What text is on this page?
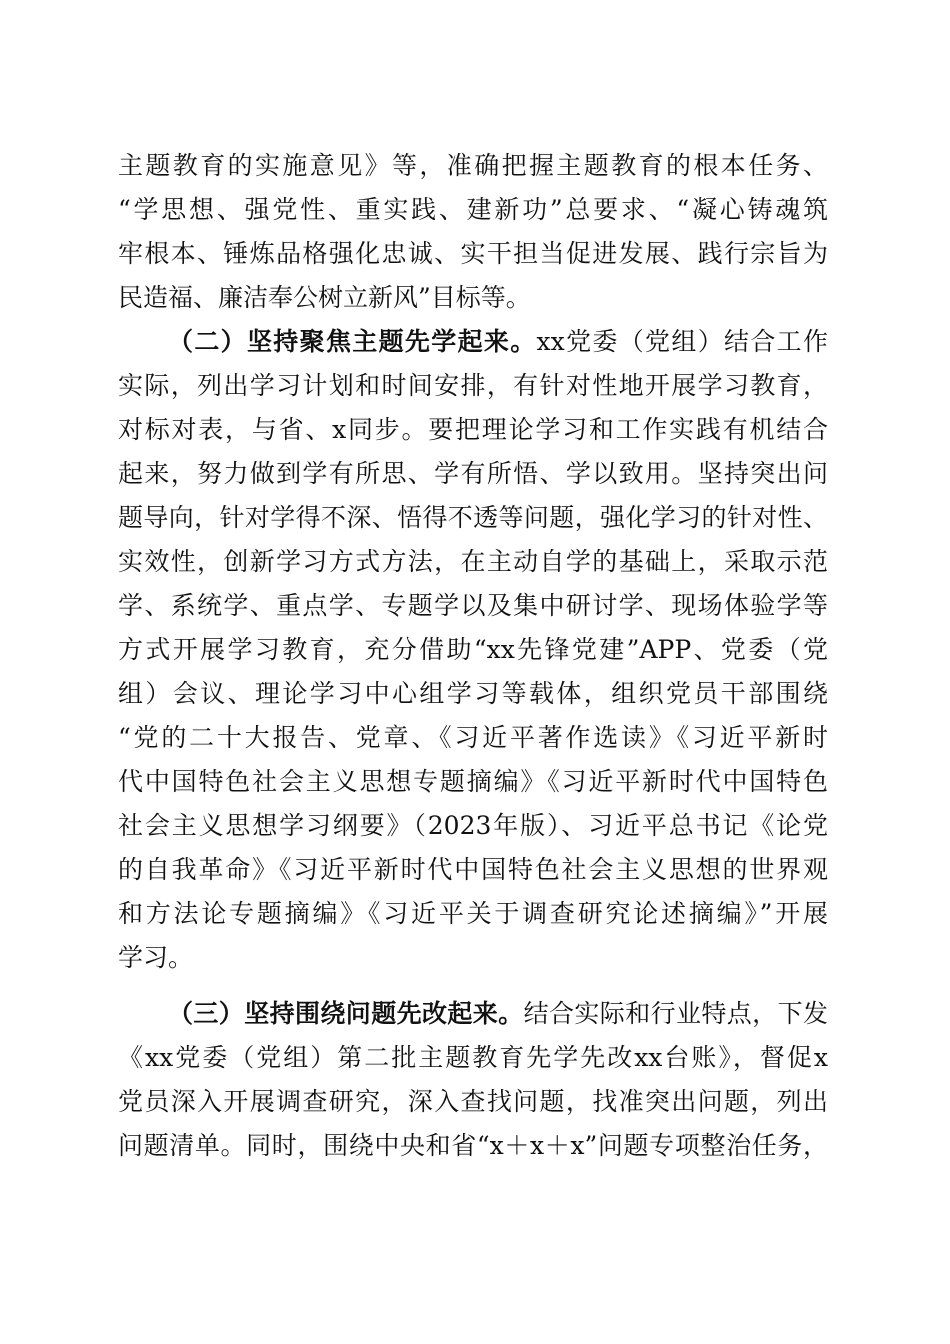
主题教育的实施意见》等，准确把握主题教育的根本任务、
“学思想、强党性、重实践、建新功”总要求、“凝心铸魂筑
牢根本、锤炼品格强化忠诚、实干担当促进发展、践行宗旨为
民造福、廉洁奉公树立新风”目标等。
（二）坚持聚焦主题先学起来。xx党委（党组）结合工作
实际，列出学习计划和时间安排，有针对性地开展学习教育，
对标对表，与省、x同步。要把理论学习和工作实践有机结合
起来，努力做到学有所思、学有所悟、学以致用。坚持突出问
题导向，针对学得不深、悟得不透等问题，强化学习的针对性、
实效性，创新学习方式方法，在主动自学的基础上，采取示范
学、系统学、重点学、专题学以及集中研讨学、现场体验学等
方式开展学习教育，充分借助“xx先锋党建”APP、党委（党
组）会议、理论学习中心组学习等载体，组织党员干部围绕
“党的二十大报告、党章、《习近平著作选读》《习近平新时
代中国特色社会主义思想专题摘编》《习近平新时代中国特色
社会主义思想学习纲要》（2023年版）、习近平总书记《论党
的自我革命》《习近平新时代中国特色社会主义思想的世界观
和方法论专题摘编》《习近平关于调查研究论述摘编》”开展
学习。
（三）坚持围绕问题先改起来。结合实际和行业特点，下发
《xx党委（党组）第二批主题教育先学先改xx台账》，督促x
党员深入开展调查研究，深入查找问题，找准突出问题，列出
问题清单。同时，围绕中央和省“x＋x＋x”问题专项整治任务，
